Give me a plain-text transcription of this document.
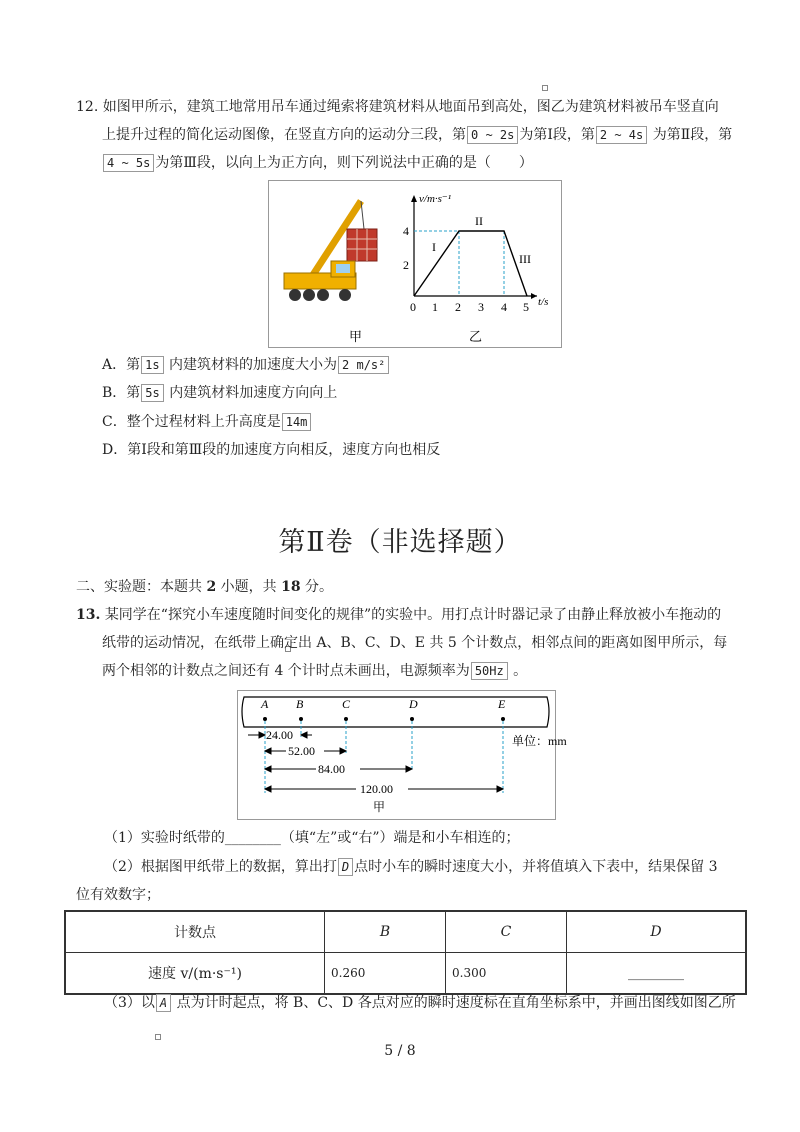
12. 如图甲所示，建筑工地常用吊车通过绳索将建筑材料从地面吊到高处，图乙为建筑材料被吊车竖直向
上提升过程的简化运动图像，在竖直方向的运动分三段，第 0 ~ 2s 为第Ⅰ段，第 2 ~ 4s 为第Ⅱ段，第
4 ~ 5s 为第Ⅲ段，以向上为正方向，则下列说法中正确的是（　　）
v/m·s⁻¹
t/s
2
4
0 1 2 3 4 5
I
II
III
甲	乙
A．第 1s 内建筑材料的加速度大小为 2 m/s²
B．第 5s 内建筑材料加速度方向向上
C．整个过程材料上升高度是 14m
D．第Ⅰ段和第Ⅲ段的加速度方向相反，速度方向也相反
第Ⅱ卷（非选择题）
二、实验题：本题共 2 小题，共 18 分。
13. 某同学在“探究小车速度随时间变化的规律”的实验中。用打点计时器记录了由静止释放被小车拖动的
纸带的运动情况，在纸带上确定出 A、B、C、D、E 共 5 个计数点，相邻点间的距离如图甲所示，每
两个相邻的计数点之间还有 4 个计时点未画出，电源频率为 50Hz 。
A B	C	D	E
24.00
52.00
84.00
120.00
单位：mm
甲
（1）实验时纸带的________（填“左”或“右”）端是和小车相连的；
（2）根据图甲纸带上的数据，算出打 D 点时小车的瞬时速度大小，并将值填入下表中，结果保留 3
位有效数字；
计数点	B	C	D
速度 v/(m·s⁻¹)	0.260	0.300	________
（3）以 A 点为计时起点，将 B、C、D 各点对应的瞬时速度标在直角坐标系中，并画出图线如图乙所
5 / 8
